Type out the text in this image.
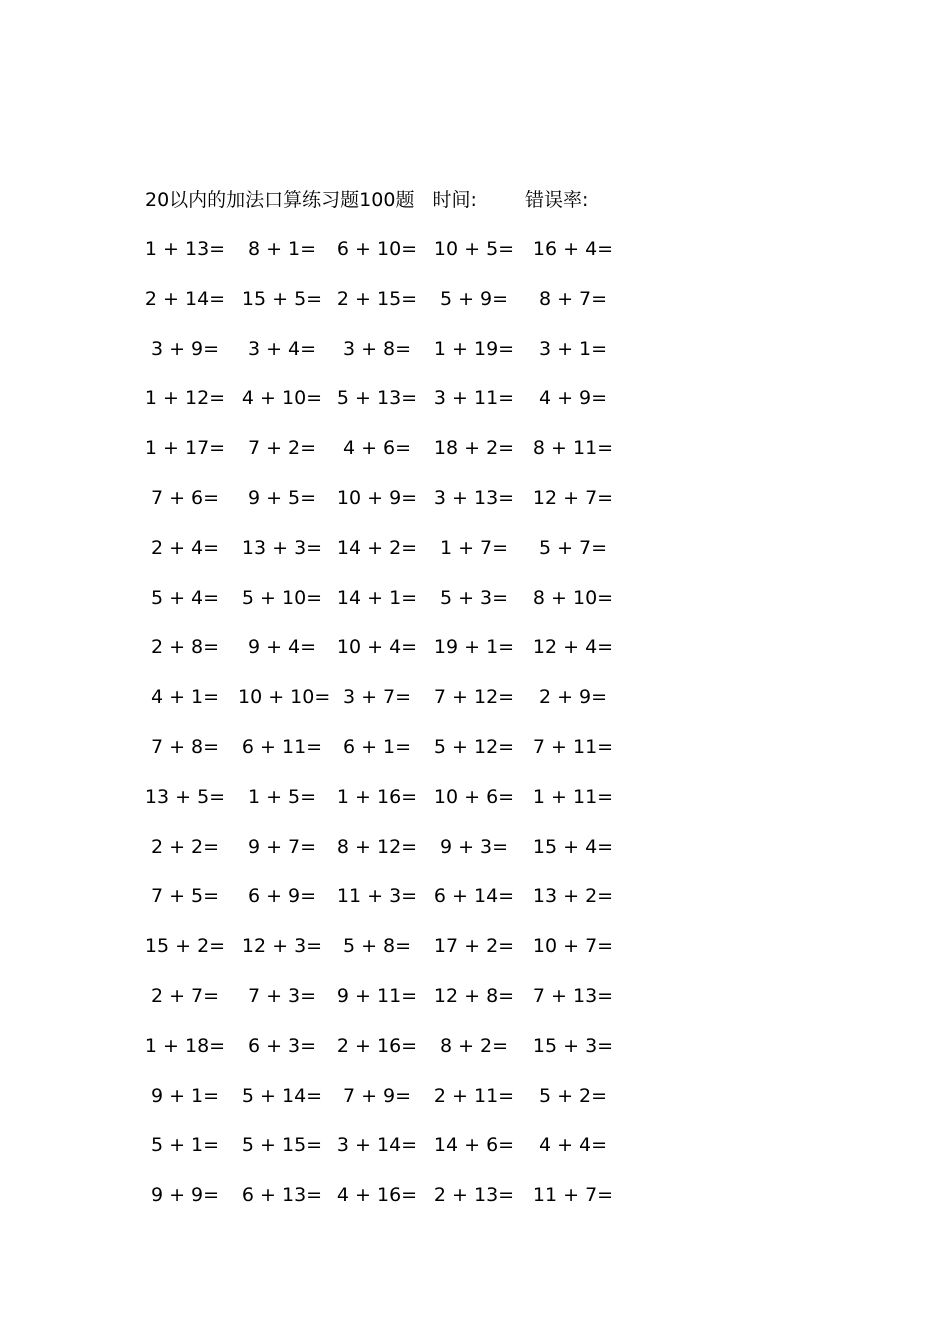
20以内的加法口算练习题100题 时间:	错误率:
1 + 13=	8 + 1=	6 + 10= 10 + 5= 16 + 4=
2 + 14= 15 + 5= 2 + 15=	5 + 9=	8 + 7=
3 + 9=	3 + 4=	3 + 8=	1 + 19=	3 + 1=
1 + 12= 4 + 10= 5 + 13= 3 + 11=	4 + 9=
1 + 17=	7 + 2=	4 + 6=	18 + 2= 8 + 11=
7 + 6=	9 + 5=	10 + 9= 3 + 13= 12 + 7=
2 + 4=	13 + 3= 14 + 2=	1 + 7=	5 + 7=
5 + 4=	5 + 10= 14 + 1=	5 + 3=	8 + 10=
2 + 8=	9 + 4=	10 + 4= 19 + 1= 12 + 4=
4 + 1= 10 + 10= 3 + 7=	7 + 12=	2 + 9=
7 + 8=	6 + 11=	6 + 1=	5 + 12= 7 + 11=
13 + 5=	1 + 5=	1 + 16= 10 + 6= 1 + 11=
2 + 2=	9 + 7=	8 + 12=	9 + 3=	15 + 4=
7 + 5=	6 + 9=	11 + 3= 6 + 14= 13 + 2=
15 + 2= 12 + 3=	5 + 8=	17 + 2= 10 + 7=
2 + 7=	7 + 3=	9 + 11= 12 + 8= 7 + 13=
1 + 18=	6 + 3=	2 + 16=	8 + 2=	15 + 3=
9 + 1=	5 + 14=	7 + 9=	2 + 11=	5 + 2=
5 + 1=	5 + 15= 3 + 14= 14 + 6=	4 + 4=
9 + 9=	6 + 13= 4 + 16= 2 + 13= 11 + 7=
